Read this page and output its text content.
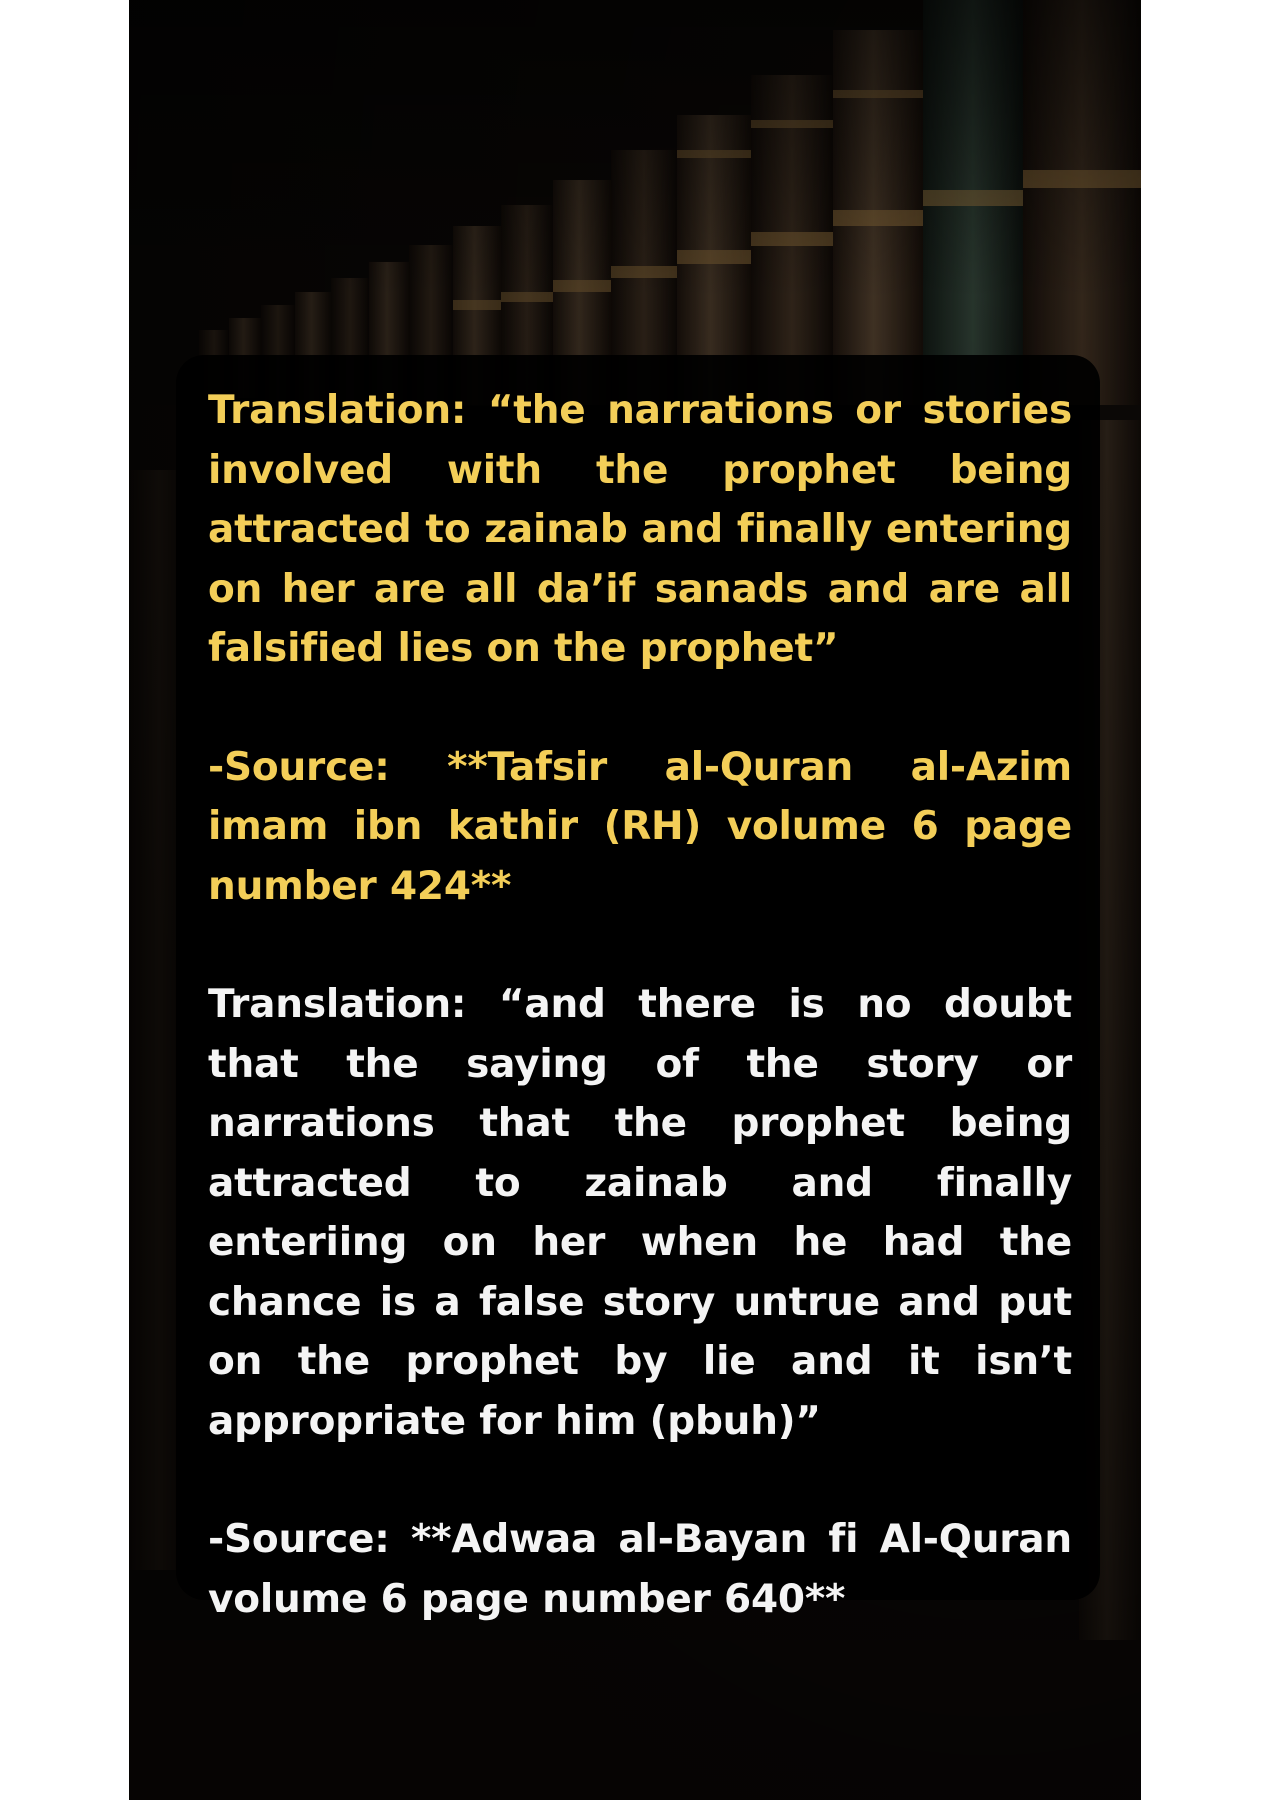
Translation: “the narrations or stories involved with the prophet being attracted to zainab and finally entering on her are all da’if sanads and are all falsified lies on the prophet”

-Source: **Tafsir al-Quran al-Azim imam ibn kathir (RH) volume 6 page number 424**

Translation: “and there is no doubt that the saying of the story or narrations that the prophet being attracted to zainab and finally enteriing on her when he had the chance is a false story untrue and put on the prophet by lie and it isn’t appropriate for him (pbuh)”

-Source: **Adwaa al-Bayan fi Al-Quran volume 6 page number 640**
